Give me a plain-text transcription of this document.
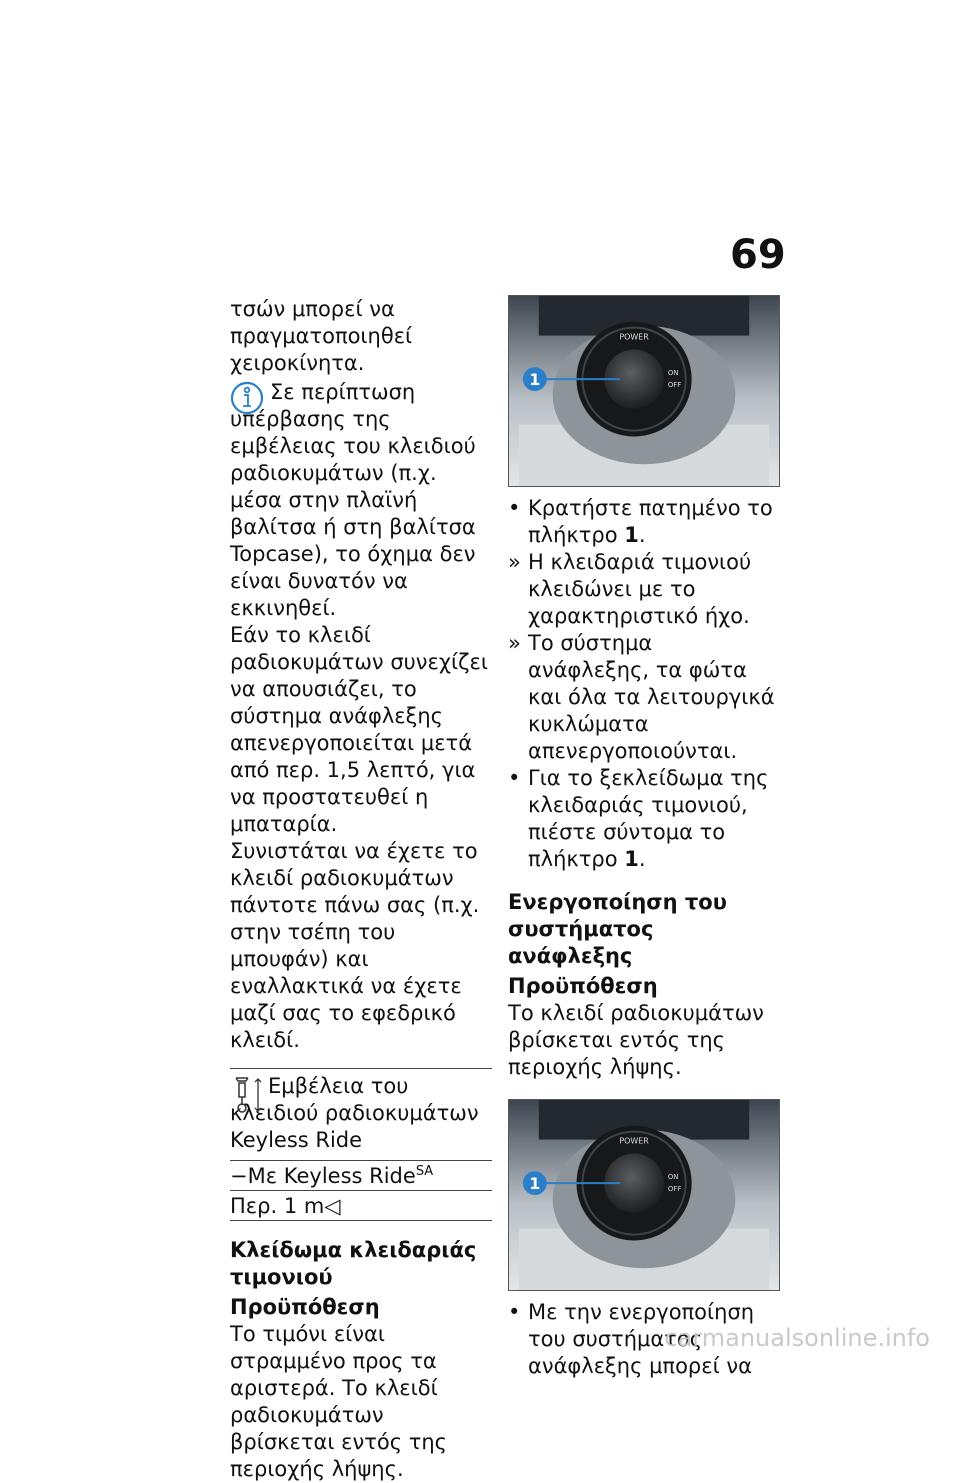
69

τσών μπορεί να πραγματοποιηθεί χειροκίνητα.

Σε περίπτωση υπέρβασης της εμβέλειας του κλειδιού ραδιοκυμάτων (π.χ. μέσα στην πλαϊνή βαλίτσα ή στη βαλίτσα Topcase), το όχημα δεν είναι δυνατόν να εκκινηθεί.

Εάν το κλειδί ραδιοκυμάτων συνεχίζει να απουσιάζει, το σύστημα ανάφλεξης απενεργοποιείται μετά από περ. 1,5 λεπτό, για να προστατευθεί η μπαταρία.

Συνιστάται να έχετε το κλειδί ραδιοκυμάτων πάντοτε πάνω σας (π.χ. στην τσέπη του μπουφάν) και εναλλακτικά να έχετε μαζί σας το εφεδρικό κλειδί.

Εμβέλεια του κλειδιού ραδιοκυμάτων Keyless Ride

−Με Keyless Ride$^{SA}$
Περ. 1 m◁
Κλείδωμα κλειδαριάς τιμονιού
Προϋπόθεση

Το τιμόνι είναι στραμμένο προς τα αριστερά. Το κλειδί ραδιοκυμάτων βρίσκεται εντός της περιοχής λήψης.

POWER
ON
OFF
1
• Κρατήστε πατημένο το πλήκτρο 1.
» Η κλειδαριά τιμονιού κλειδώνει με το χαρακτηριστικό ήχο.
» Το σύστημα ανάφλεξης, τα φώτα και όλα τα λειτουργικά κυκλώματα απενεργοποιούνται.
• Για το ξεκλείδωμα της κλειδαριάς τιμονιού, πιέστε σύντομα το πλήκτρο 1.
Ενεργοποίηση του συστήματος ανάφλεξης
Προϋπόθεση

Το κλειδί ραδιοκυμάτων βρίσκεται εντός της περιοχής λήψης.

POWER
ON
OFF
1
• Με την ενεργοποίηση του συστήματος ανάφλεξης μπορεί να
carmanualsonline.info
